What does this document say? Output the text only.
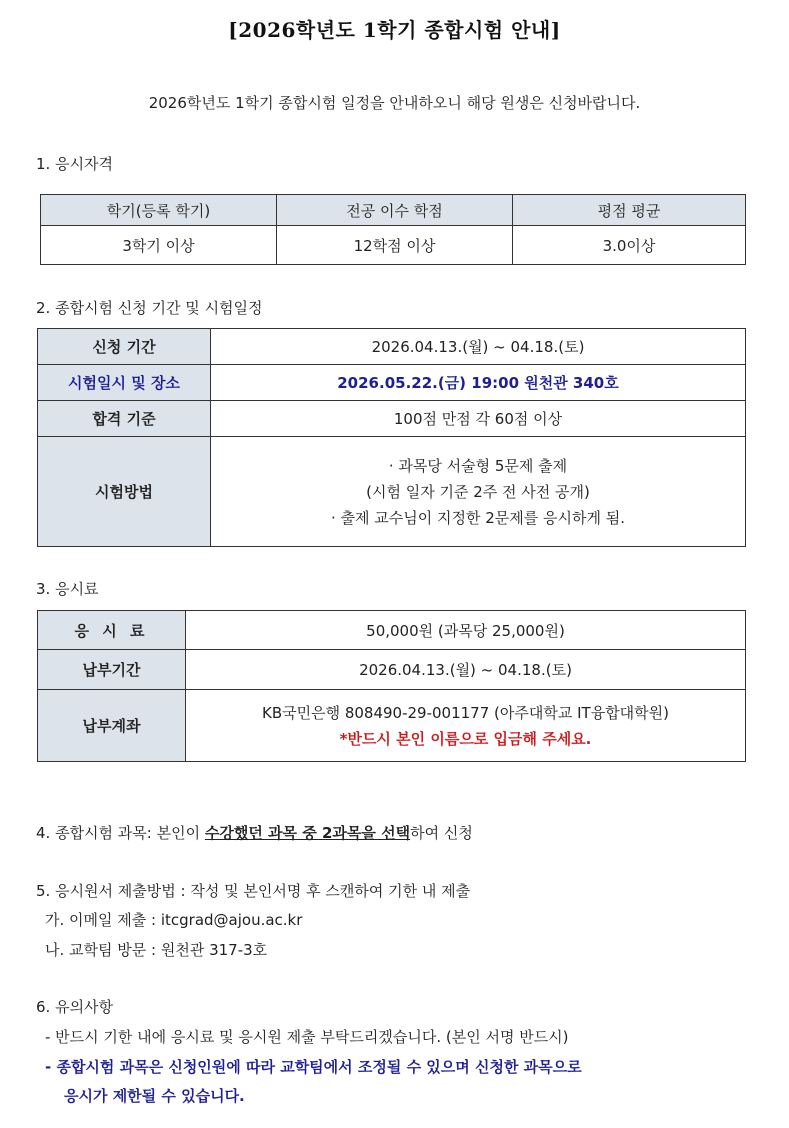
[2026학년도 1학기 종합시험 안내]
2026학년도 1학기 종합시험 일정을 안내하오니 해당 원생은 신청바랍니다.
1. 응시자격
학기(등록 학기)	전공 이수 학점	평점 평균
3학기 이상	12학점 이상	3.0이상
2. 종합시험 신청 기간 및 시험일정
신청 기간	2026.04.13.(월) ~ 04.18.(토)
시험일시 및 장소	2026.05.22.(금) 19:00 원천관 340호
합격 기준	100점 만점 각 60점 이상
시험방법	· 과목당 서술형 5문제 출제
(시험 일자 기준 2주 전 사전 공개)
· 출제 교수님이 지정한 2문제를 응시하게 됨.
3. 응시료
응 시 료	50,000원 (과목당 25,000원)
납부기간	2026.04.13.(월) ~ 04.18.(토)
납부계좌	KB국민은행 808490-29-001177 (아주대학교 IT융합대학원)
*반드시 본인 이름으로 입금해 주세요.
4. 종합시험 과목: 본인이 수강했던 과목 중 2과목을 선택하여 신청
5. 응시원서 제출방법 : 작성 및 본인서명 후 스캔하여 기한 내 제출
가. 이메일 제출 : itcgrad@ajou.ac.kr
나. 교학팀 방문 : 원천관 317-3호
6. 유의사항
- 반드시 기한 내에 응시료 및 응시원 제출 부탁드리겠습니다. (본인 서명 반드시)
- 종합시험 과목은 신청인원에 따라 교학팀에서 조정될 수 있으며 신청한 과목으로
응시가 제한될 수 있습니다.
